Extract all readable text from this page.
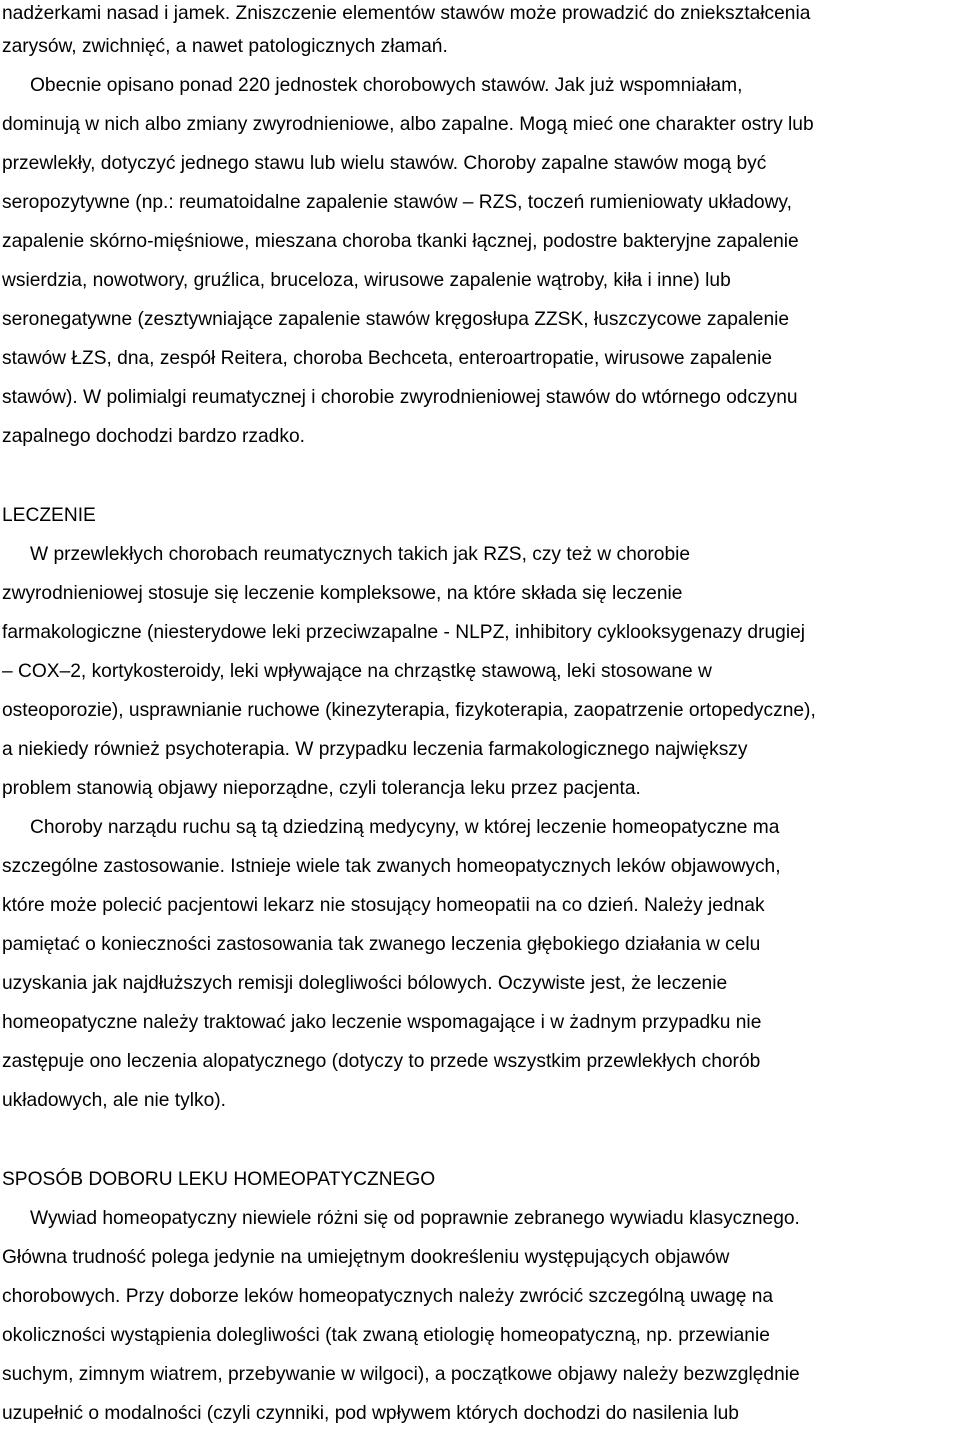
nadżerkami nasad i jamek. Zniszczenie elementów stawów może prowadzić do zniekształcenia
zarysów, zwichnięć, a nawet patologicznych złamań.
Obecnie opisano ponad 220 jednostek chorobowych stawów. Jak już wspomniałam,
dominują w nich albo zmiany zwyrodnieniowe, albo zapalne. Mogą mieć one charakter ostry lub
przewlekły, dotyczyć jednego stawu lub wielu stawów. Choroby zapalne stawów mogą być
seropozytywne (np.: reumatoidalne zapalenie stawów – RZS, toczeń rumieniowaty układowy,
zapalenie skórno-mięśniowe, mieszana choroba tkanki łącznej, podostre bakteryjne zapalenie
wsierdzia, nowotwory, gruźlica, bruceloza, wirusowe zapalenie wątroby, kiła i inne) lub
seronegatywne (zesztywniające zapalenie stawów kręgosłupa ZZSK, łuszczycowe zapalenie
stawów ŁZS, dna, zespół Reitera, choroba Bechceta, enteroartropatie, wirusowe zapalenie
stawów). W polimialgi reumatycznej i chorobie zwyrodnieniowej stawów do wtórnego odczynu
zapalnego dochodzi bardzo rzadko.
LECZENIE
W przewlekłych chorobach reumatycznych takich jak RZS, czy też w chorobie
zwyrodnieniowej stosuje się leczenie kompleksowe, na które składa się leczenie
farmakologiczne (niesterydowe leki przeciwzapalne - NLPZ, inhibitory cyklooksygenazy drugiej
– COX–2, kortykosteroidy, leki wpływające na chrząstkę stawową, leki stosowane w
osteoporozie), usprawnianie ruchowe (kinezyterapia, fizykoterapia, zaopatrzenie ortopedyczne),
a niekiedy również psychoterapia. W przypadku leczenia farmakologicznego największy
problem stanowią objawy nieporządne, czyli tolerancja leku przez pacjenta.
Choroby narządu ruchu są tą dziedziną medycyny, w której leczenie homeopatyczne ma
szczególne zastosowanie. Istnieje wiele tak zwanych homeopatycznych leków objawowych,
które może polecić pacjentowi lekarz nie stosujący homeopatii na co dzień. Należy jednak
pamiętać o konieczności zastosowania tak zwanego leczenia głębokiego działania w celu
uzyskania jak najdłuższych remisji dolegliwości bólowych. Oczywiste jest, że leczenie
homeopatyczne należy traktować jako leczenie wspomagające i w żadnym przypadku nie
zastępuje ono leczenia alopatycznego (dotyczy to przede wszystkim przewlekłych chorób
układowych, ale nie tylko).
SPOSÓB DOBORU LEKU HOMEOPATYCZNEGO
Wywiad homeopatyczny niewiele różni się od poprawnie zebranego wywiadu klasycznego.
Główna trudność polega jedynie na umiejętnym dookreśleniu występujących objawów
chorobowych. Przy doborze leków homeopatycznych należy zwrócić szczególną uwagę na
okoliczności wystąpienia dolegliwości (tak zwaną etiologię homeopatyczną, np. przewianie
suchym, zimnym wiatrem, przebywanie w wilgoci), a początkowe objawy należy bezwzględnie
uzupełnić o modalności (czyli czynniki, pod wpływem których dochodzi do nasilenia lub
